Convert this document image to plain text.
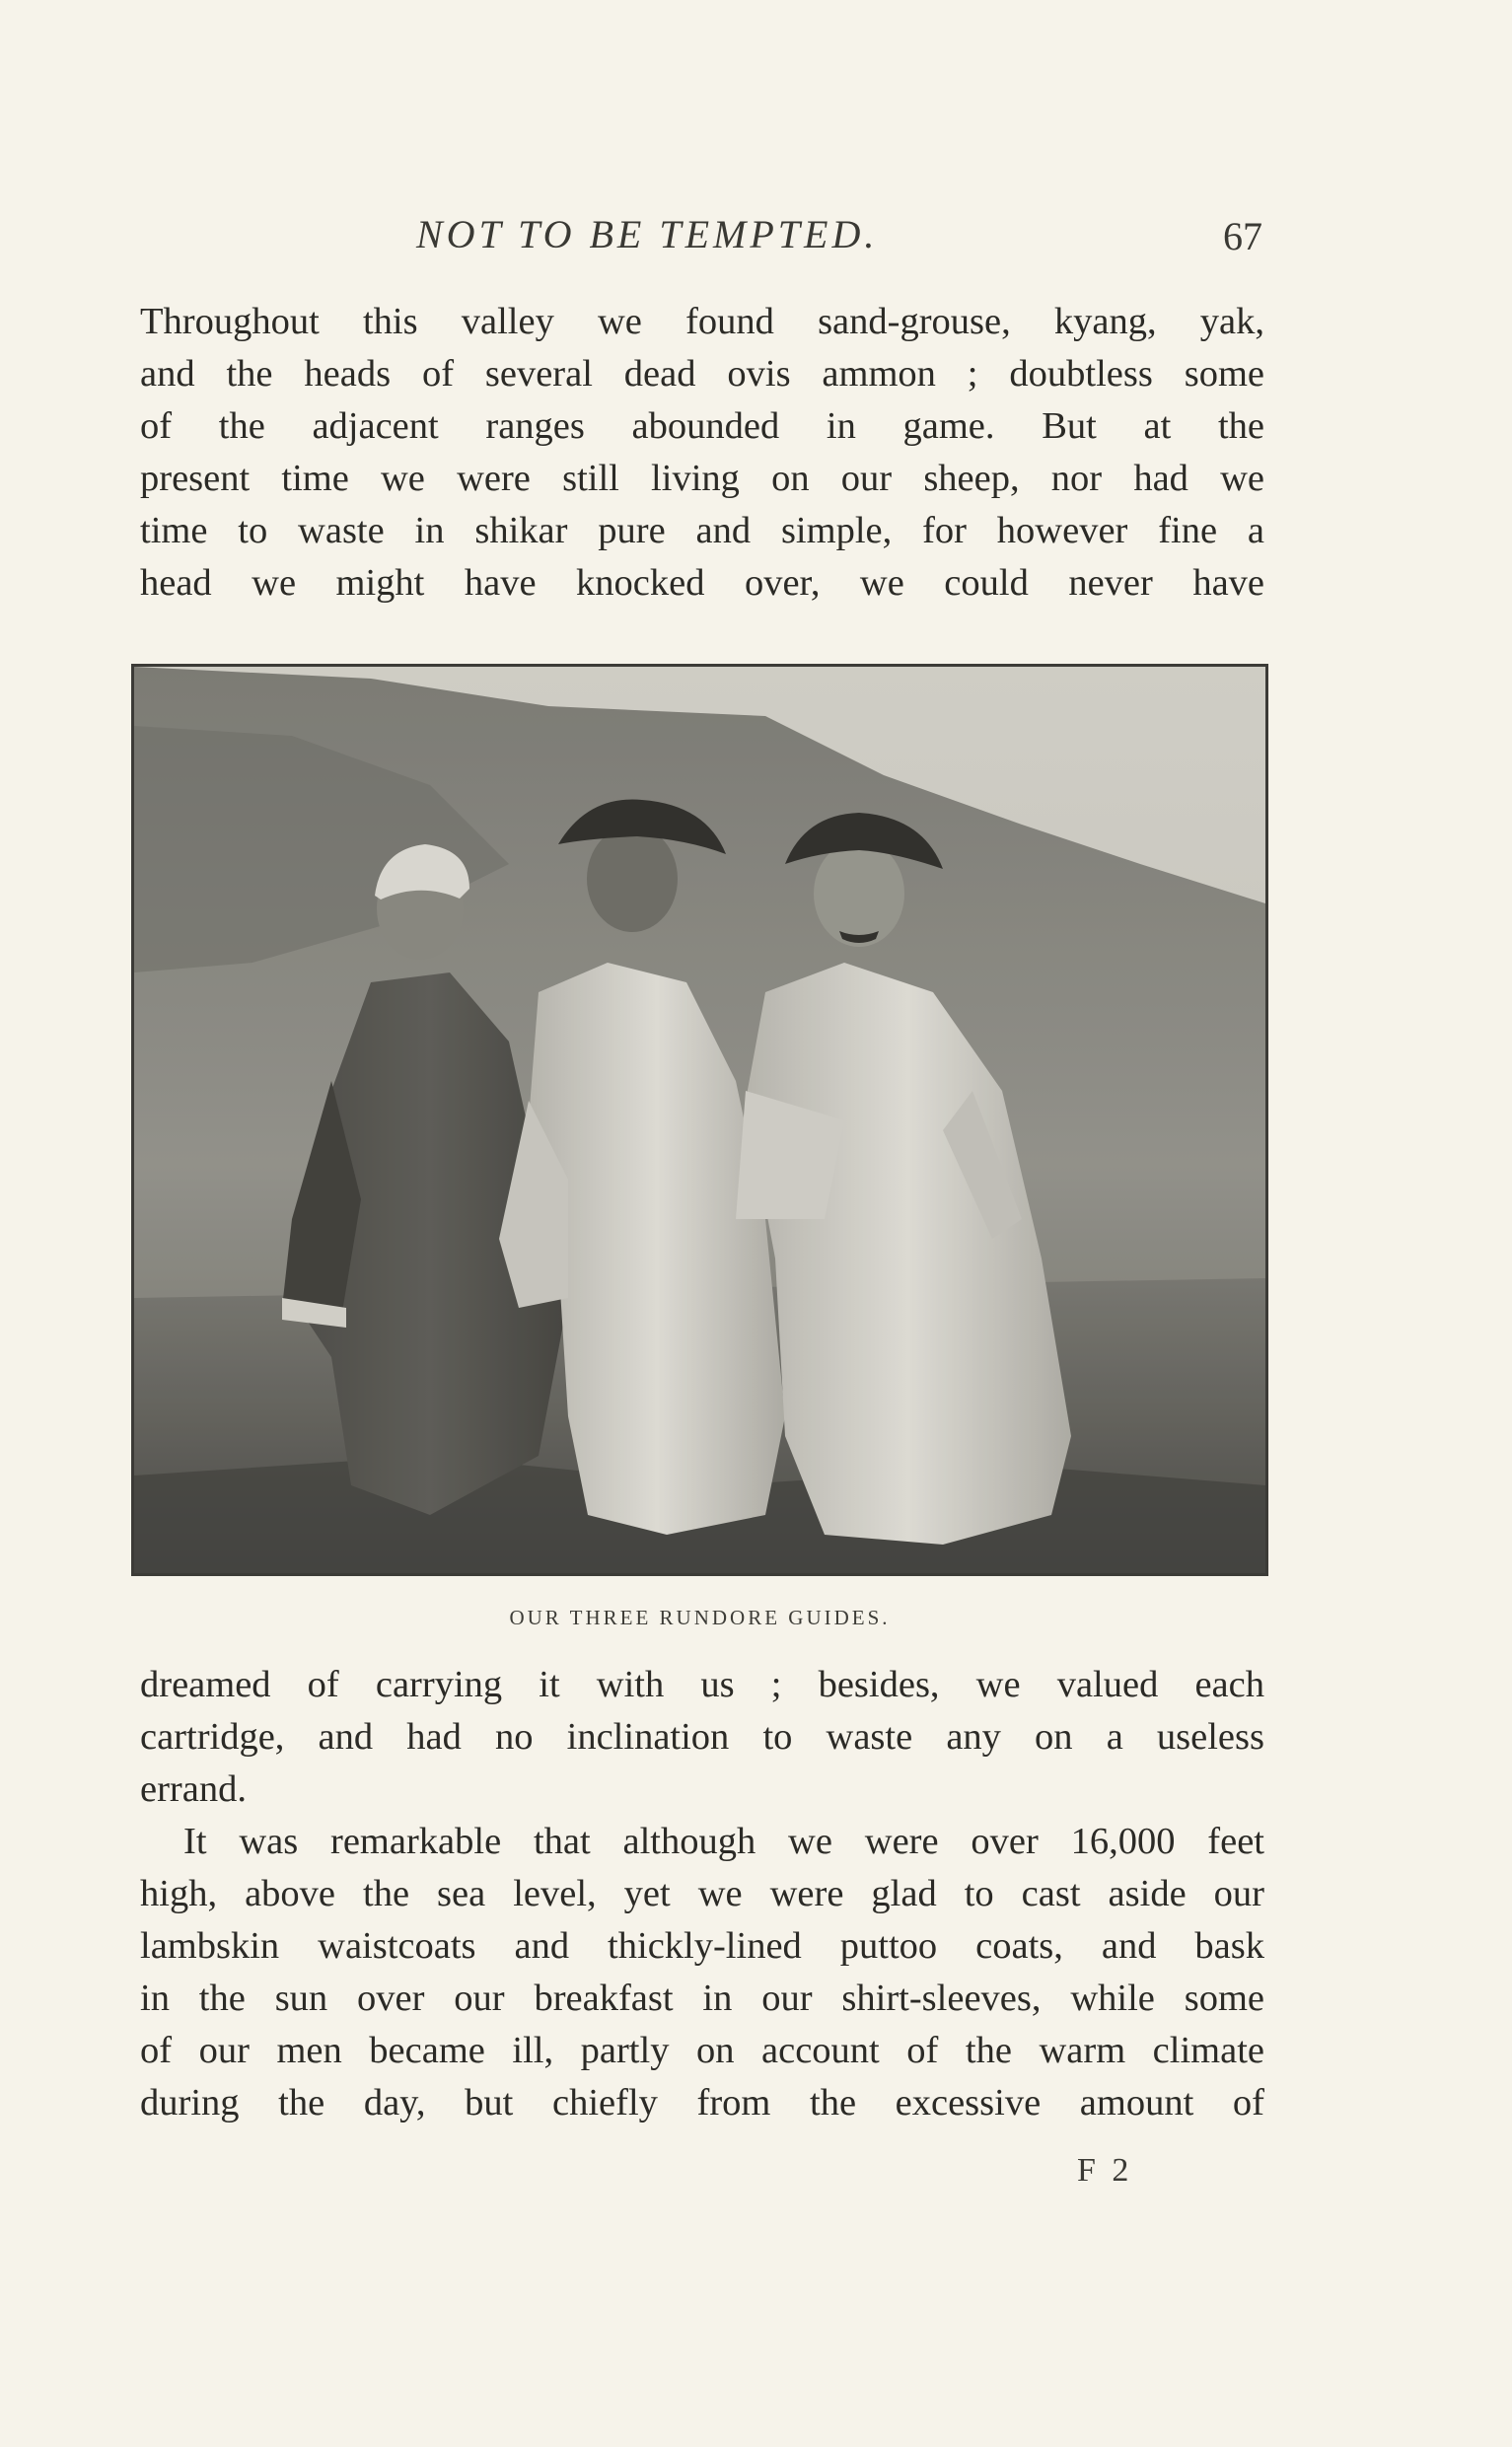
NOT TO BE TEMPTED.	67
Throughout this valley we found sand-grouse, kyang, yak,
and the heads of several dead ovis ammon ; doubtless some
of the adjacent ranges abounded in game. But at the
present time we were still living on our sheep, nor had we
time to waste in shikar pure and simple, for however fine a
head we might have knocked over, we could never have
OUR THREE RUNDORE GUIDES.
dreamed of carrying it with us ; besides, we valued each
cartridge, and had no inclination to waste any on a useless
errand.
It was remarkable that although we were over 16,000 feet
high, above the sea level, yet we were glad to cast aside our
lambskin waistcoats and thickly-lined puttoo coats, and bask
in the sun over our breakfast in our shirt-sleeves, while some
of our men became ill, partly on account of the warm climate
during the day, but chiefly from the excessive amount of
F 2
